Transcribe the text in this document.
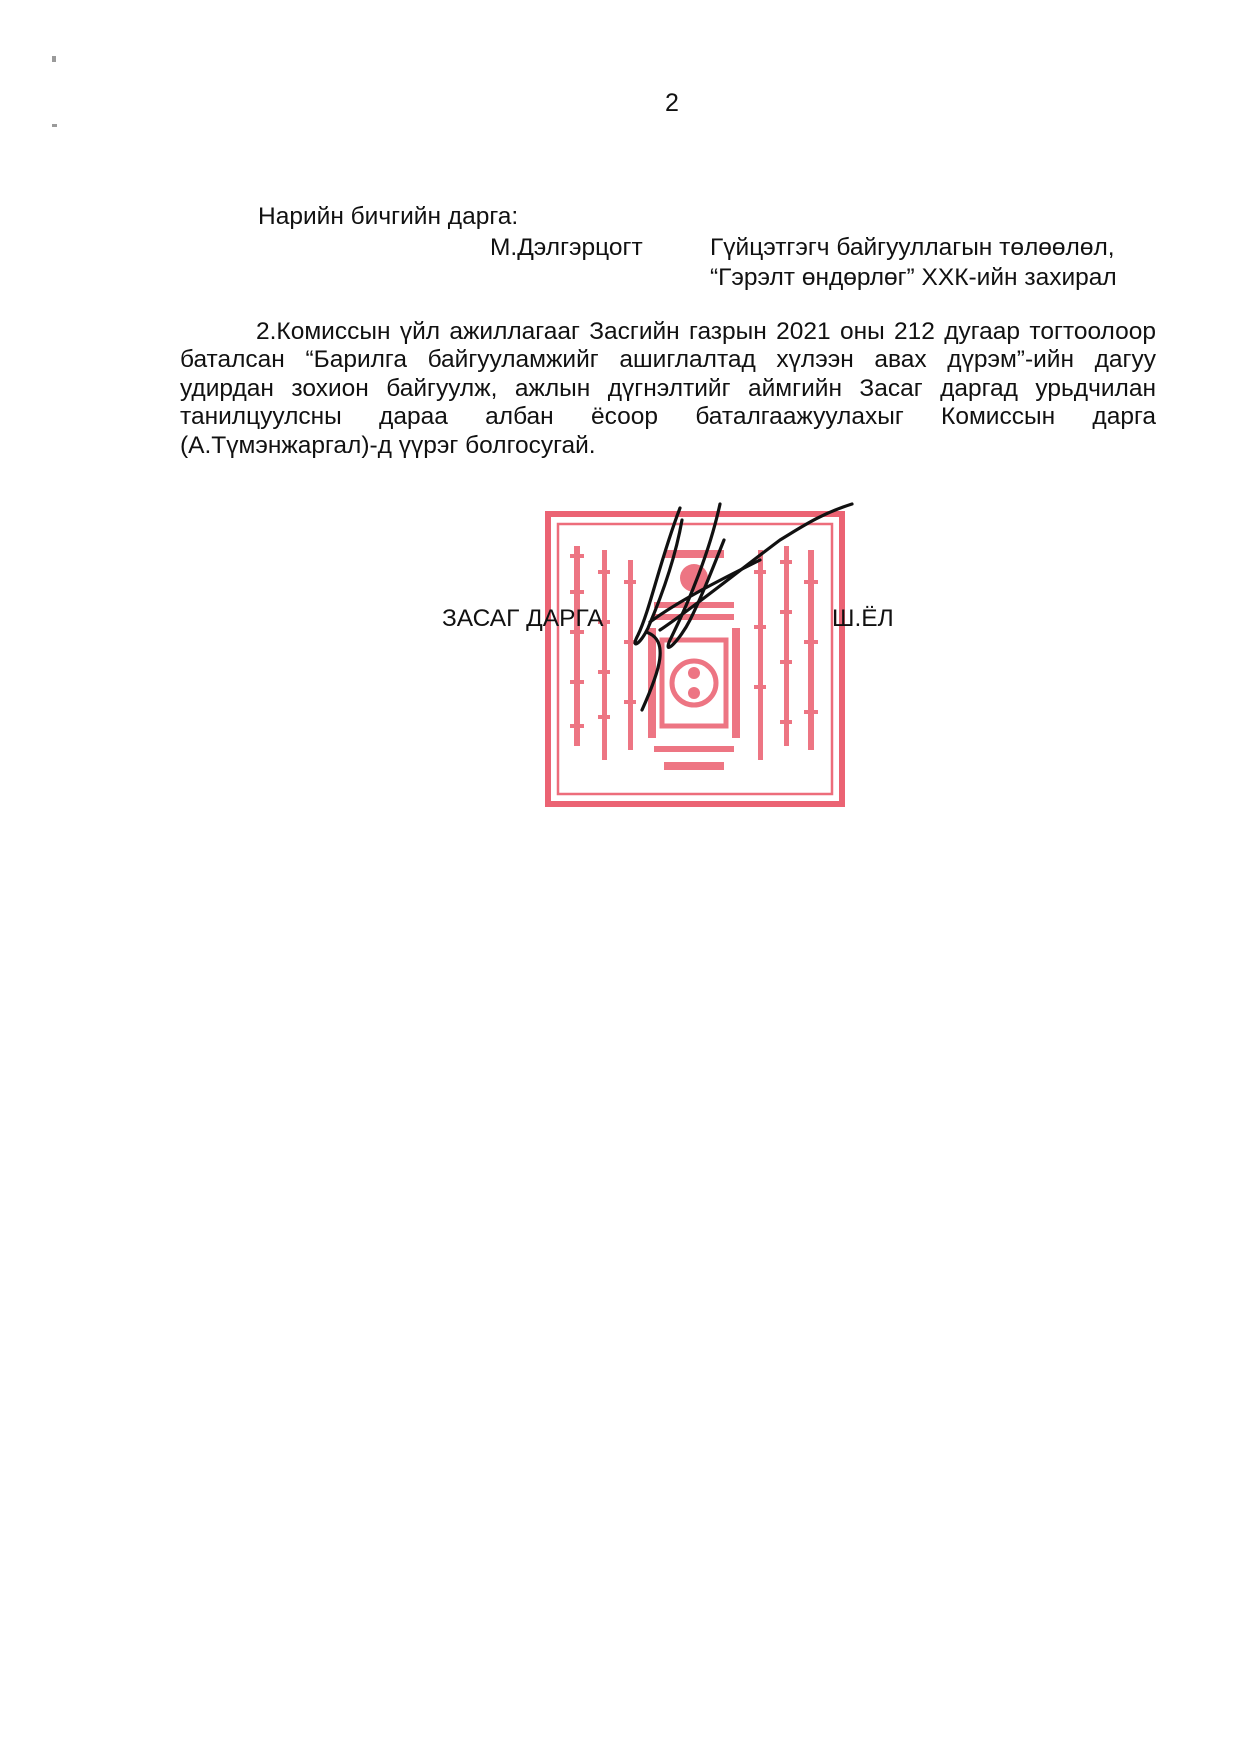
2
Нарийн бичгийн дарга:
М.Дэлгэрцогт	Гүйцэтгэгч байгууллагын төлөөлөл,
“Гэрэлт өндөрлөг” ХХК-ийн захирал
2.Комиссын үйл ажиллагааг Засгийн газрын 2021 оны 212 дугаар тогтоолоор
баталсан “Барилга байгууламжийг ашиглалтад хүлээн авах дүрэм”-ийн дагуу
удирдан зохион байгуулж, ажлын дүгнэлтийг аймгийн Засаг даргад урьдчилан
танилцуулсны дараа албан ёсоор баталгаажуулахыг Комиссын дарга
(А.Түмэнжаргал)-д үүрэг болгосугай.
ЗАСАГ ДАРГА	Ш.ЁЛ
